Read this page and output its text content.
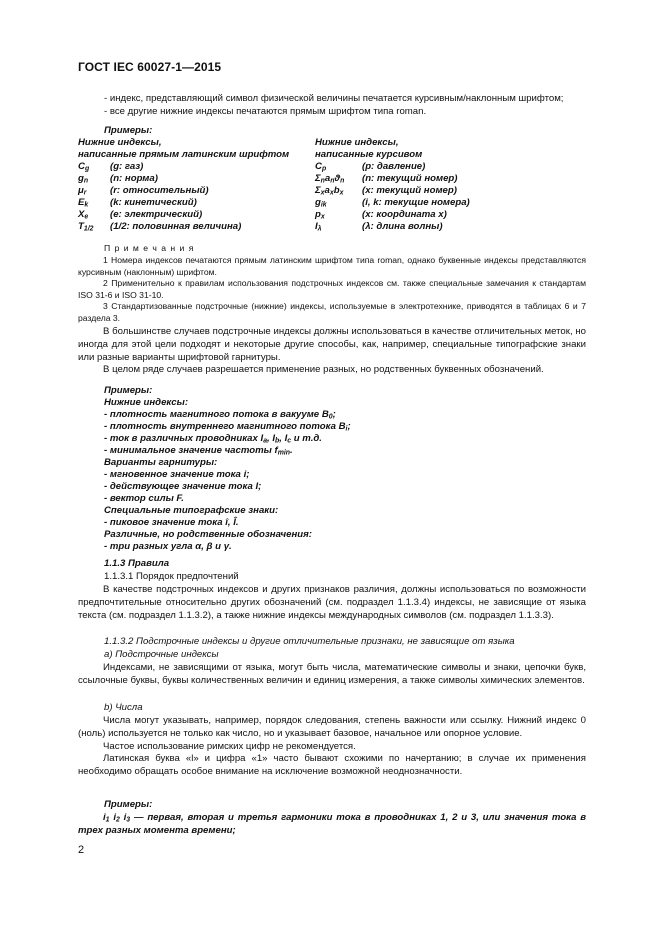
ГОСТ IEC 60027-1—2015
- индекс, представляющий символ физической величины печатается курсивным/наклонным шрифтом;
- все другие нижние индексы печатаются прямым шрифтом типа roman.
Примеры:
Нижние индексы,
написанные прямым латинским шрифтом
Нижние индексы,
написанные курсивом
$C_g$ (g: газ)
$g_n$ (n: норма)
$\mu_r$ (r: относительный)
$E_k$ (k: кинетический)
$X_e$ (e: электрический)
$T_{1/2}$ (1/2: половинная величина)
$C_p$	(p: давление)
$\Sigma_na_nϑ_n$ (n: текущий номер)
$\Sigma_xa_xb_x$ (x: текущий номер)
$g_{ik}$	(i, k: текущие номера)
$p_x$	(x: координата x)
$I_\lambda$	(λ: длина волны)
П р и м е ч а н и я

1 Номера индексов печатаются прямым латинским шрифтом типа roman, однако буквенные индексы представляются курсивным (наклонным) шрифтом.

2 Применительно к правилам использования подстрочных индексов см. также специальные замечания к стандартам ISO 31-6 и ISO 31-10.

3 Стандартизованные подстрочные (нижние) индексы, используемые в электротехнике, приводятся в таблицах 6 и 7 раздела 3.

В большинстве случаев подстрочные индексы должны использоваться в качестве отличительных меток, но иногда для этой цели подходят и некоторые другие способы, как, например, специальные типографские знаки или разные варианты шрифтовой гарнитуры.

В целом ряде случаев разрешается применение разных, но родственных буквенных обозначений.

Примеры:
Нижние индексы:
- плотность магнитного потока в вакууме $B_0$;
- плотность внутреннего магнитного потока $B_i$;
- ток в различных проводниках $I_a$, $I_b$, $I_c$ и т.д.
- минимальное значение частоты $f_{min}$.
Варианты гарнитуры:
- мгновенное значение тока i;
- действующее значение тока I;
- вектор силы F.
Специальные типографские знаки:
- пиковое значение тока î, Î.
Различные, но родственные обозначения:
- три разных угла α, β и γ.
1.1.3 Правила
1.1.3.1 Порядок предпочтений

В качестве подстрочных индексов и других признаков различия, должны использоваться по возможности предпочтительные относительно других обозначений (см. подраздел 1.1.3.4) индексы, не зависящие от языка текста (см. подраздел 1.1.3.2), а также нижние индексы международных символов (см. подраздел 1.1.3.3).

1.1.3.2 Подстрочные индексы и другие отличительные признаки, не зависящие от языка
a) Подстрочные индексы

Индексами, не зависящими от языка, могут быть числа, математические символы и знаки, цепочки букв, ссылочные буквы, буквы количественных величин и единиц измерения, а также символы химических элементов.

b) Числа

Числа могут указывать, например, порядок следования, степень важности или ссылку. Нижний индекс 0 (ноль) используется не только как число, но и указывает базовое, начальное или опорное условие.

Частое использование римских цифр не рекомендуется.

Латинская буква «l» и цифра «1» часто бывают схожими по начертанию; в случае их применения необходимо обращать особое внимание на исключение возможной неоднозначности.

Примеры:

$i_1$ $i_2$ $i_3$ — первая, вторая и третья гармоники тока в проводниках 1, 2 и 3, или значения тока в трех разных момента времени;

2
